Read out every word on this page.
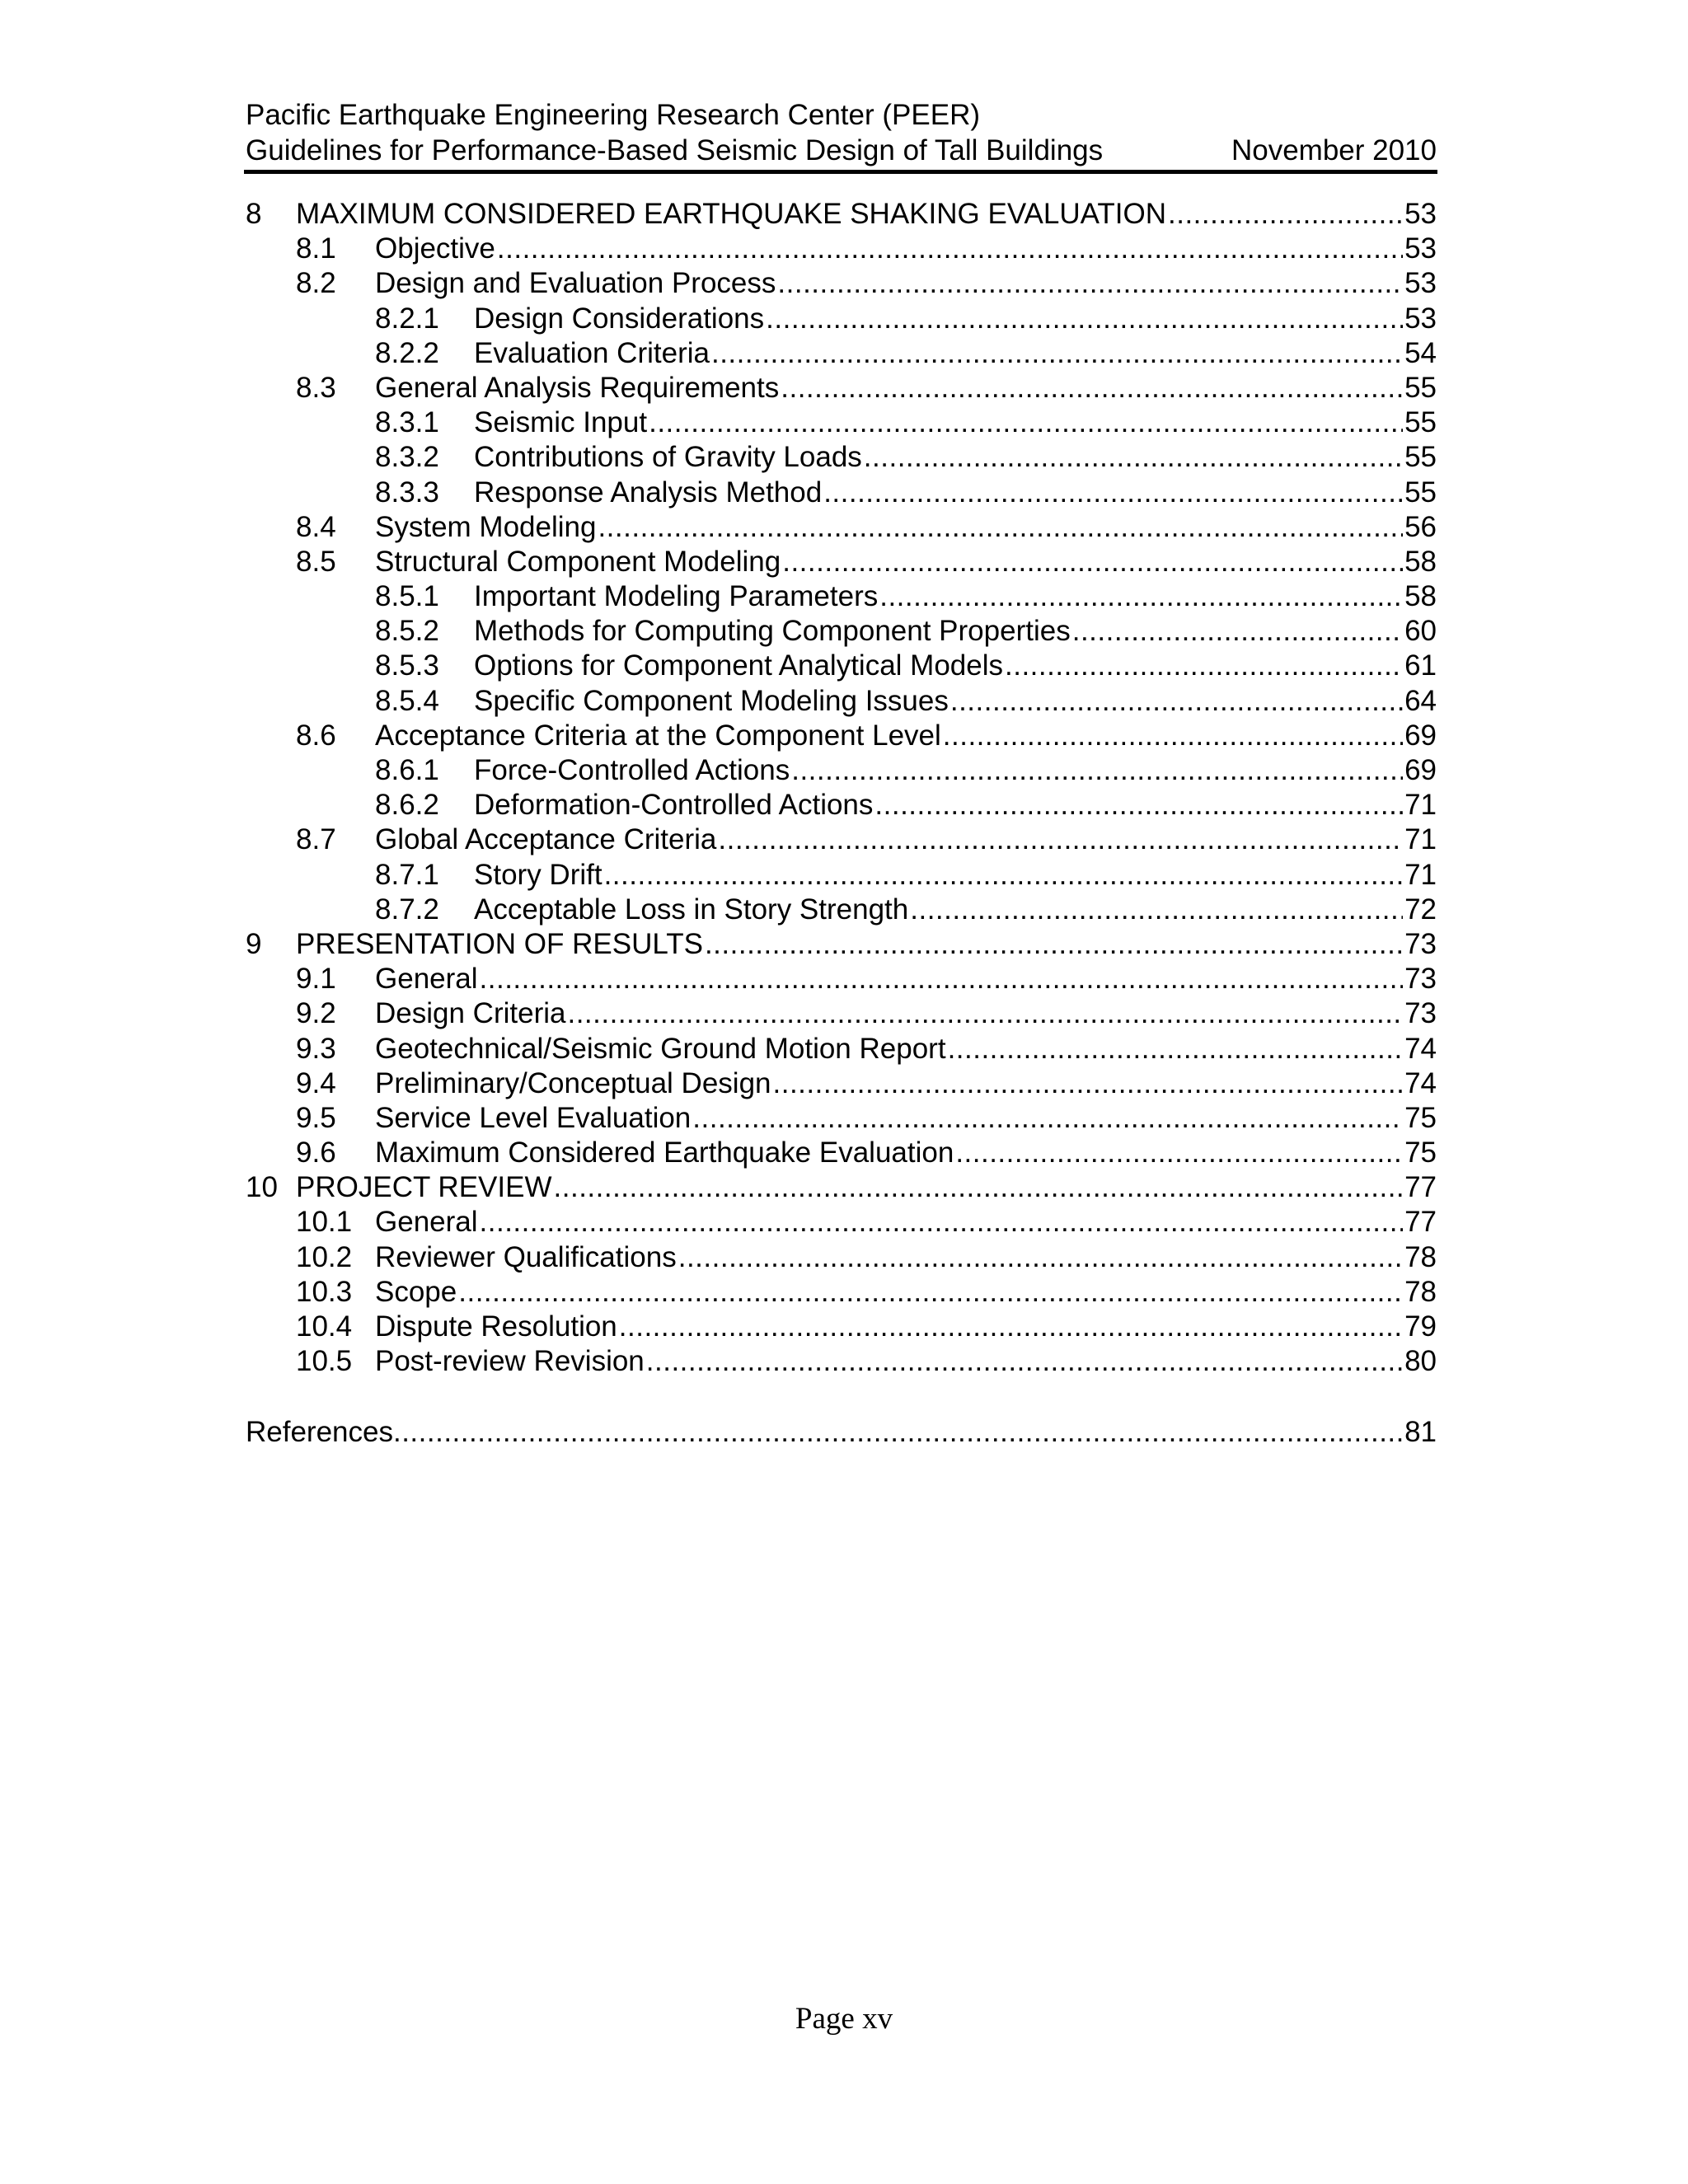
Pacific Earthquake Engineering Research Center (PEER)
Guidelines for Performance-Based Seismic Design of Tall Buildings	November 2010
8 MAXIMUM CONSIDERED EARTHQUAKE SHAKING EVALUATION .....	53
8.1 Objective .....	53
8.2 Design and Evaluation Process .....	53
8.2.1 Design Considerations .....	53
8.2.2 Evaluation Criteria .....	54
8.3 General Analysis Requirements .....	55
8.3.1 Seismic Input .....	55
8.3.2 Contributions of Gravity Loads .....	55
8.3.3 Response Analysis Method .....	55
8.4 System Modeling .....	56
8.5 Structural Component Modeling .....	58
8.5.1 Important Modeling Parameters .....	58
8.5.2 Methods for Computing Component Properties .....	60
8.5.3 Options for Component Analytical Models .....	61
8.5.4 Specific Component Modeling Issues .....	64
8.6 Acceptance Criteria at the Component Level .....	69
8.6.1 Force-Controlled Actions .....	69
8.6.2 Deformation-Controlled Actions .....	71
8.7 Global Acceptance Criteria .....	71
8.7.1 Story Drift .....	71
8.7.2 Acceptable Loss in Story Strength .....	72
9 PRESENTATION OF RESULTS .....	73
9.1 General .....	73
9.2 Design Criteria .....	73
9.3 Geotechnical/Seismic Ground Motion Report .....	74
9.4 Preliminary/Conceptual Design .....	74
9.5 Service Level Evaluation .....	75
9.6 Maximum Considered Earthquake Evaluation .....	75
10 PROJECT REVIEW .....	77
10.1 General .....	77
10.2 Reviewer Qualifications .....	78
10.3 Scope .....	78
10.4 Dispute Resolution .....	79
10.5 Post-review Revision .....	80
References .....	81
Page xv
